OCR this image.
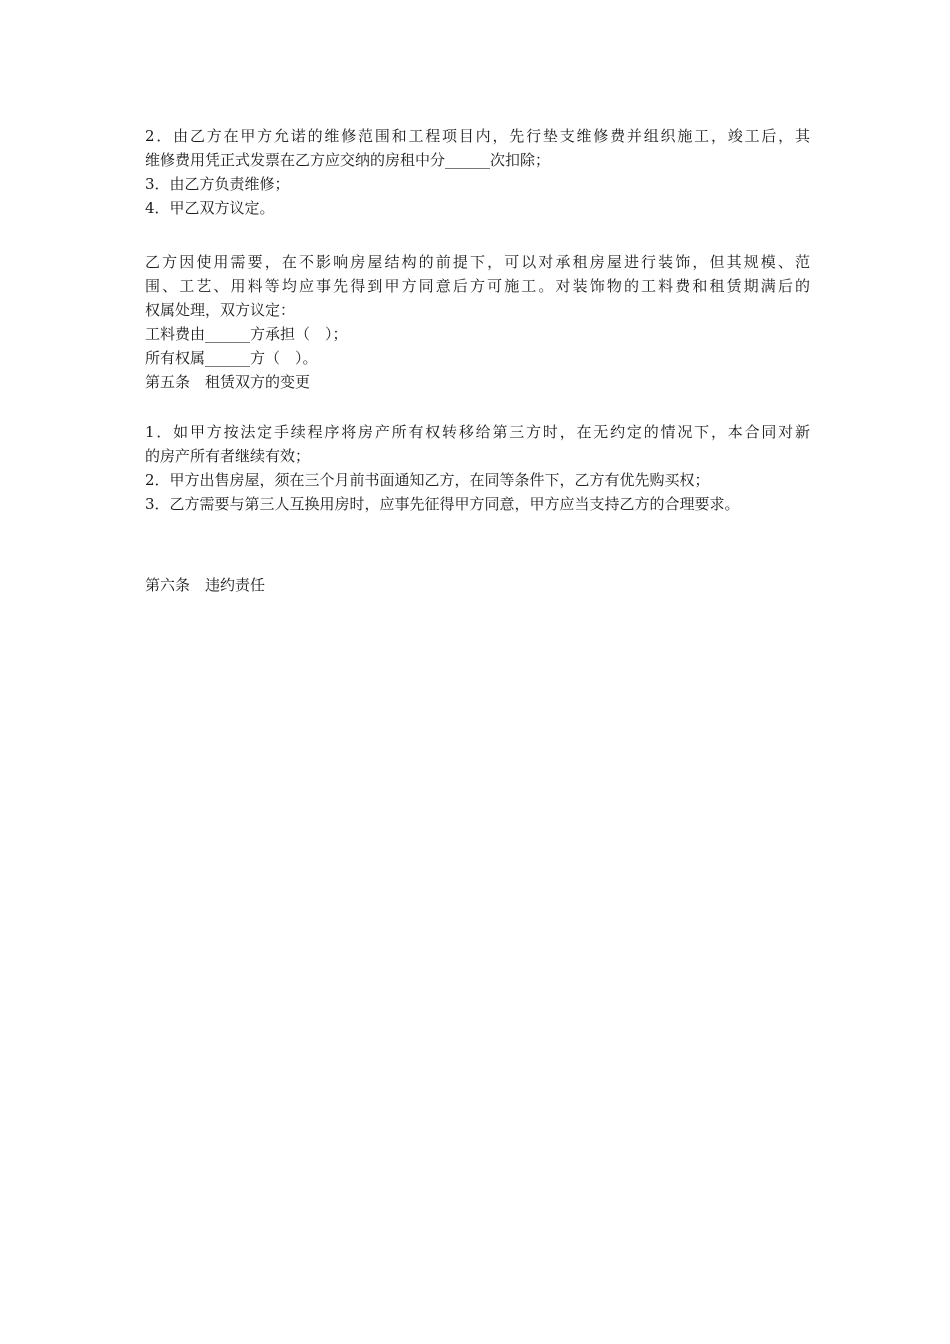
2．由乙方在甲方允诺的维修范围和工程项目内，先行垫支维修费并组织施工，竣工后，其
维修费用凭正式发票在乙方应交纳的房租中分______次扣除；
3．由乙方负责维修；
4．甲乙双方议定。
乙方因使用需要，在不影响房屋结构的前提下，可以对承租房屋进行装饰，但其规模、范
围、工艺、用料等均应事先得到甲方同意后方可施工。对装饰物的工料费和租赁期满后的
权属处理，双方议定：
工料费由______方承担（　）；
所有权属______方（　）。
第五条　租赁双方的变更
1．如甲方按法定手续程序将房产所有权转移给第三方时，在无约定的情况下，本合同对新
的房产所有者继续有效；
2．甲方出售房屋，须在三个月前书面通知乙方，在同等条件下，乙方有优先购买权；
3．乙方需要与第三人互换用房时，应事先征得甲方同意，甲方应当支持乙方的合理要求。
第六条　违约责任
